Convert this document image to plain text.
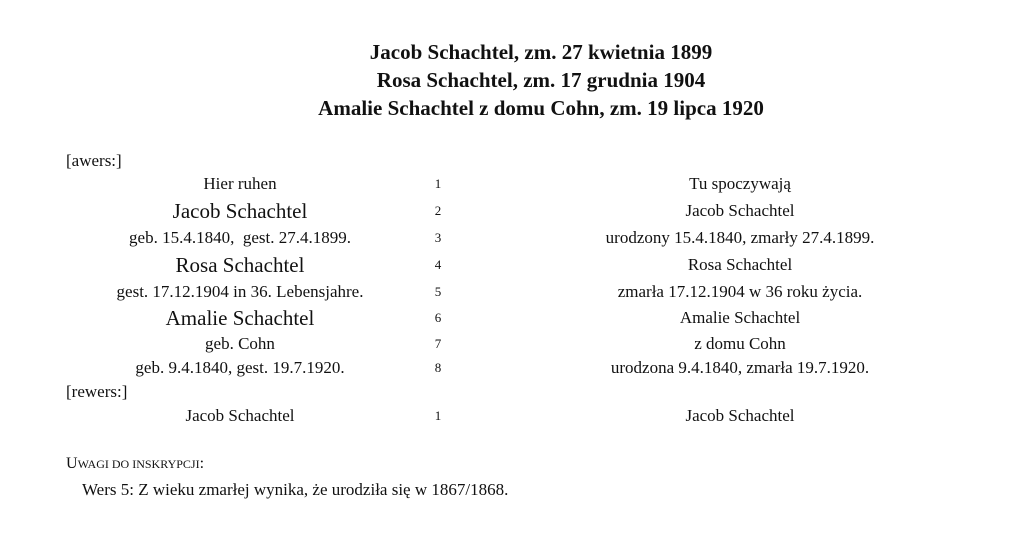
Jacob Schachtel, zm. 27 kwietnia 1899
Rosa Schachtel, zm. 17 grudnia 1904
Amalie Schachtel z domu Cohn, zm. 19 lipca 1920
[awers:]
Hier ruhen	1	Tu spoczywają
Jacob Schachtel	2	Jacob Schachtel
geb. 15.4.1840,  gest. 27.4.1899.	3	urodzony 15.4.1840, zmarły 27.4.1899.
Rosa Schachtel	4	Rosa Schachtel
gest. 17.12.1904 in 36. Lebensjahre.	5	zmarła 17.12.1904 w 36 roku życia.
Amalie Schachtel	6	Amalie Schachtel
geb. Cohn	7	z domu Cohn
geb. 9.4.1840, gest. 19.7.1920.	8	urodzona 9.4.1840, zmarła 19.7.1920.
[rewers:]
Jacob Schachtel	1	Jacob Schachtel
UWAGI DO INSKRYPCJI:
Wers 5: Z wieku zmarłej wynika, że urodziła się w 1867/1868.
